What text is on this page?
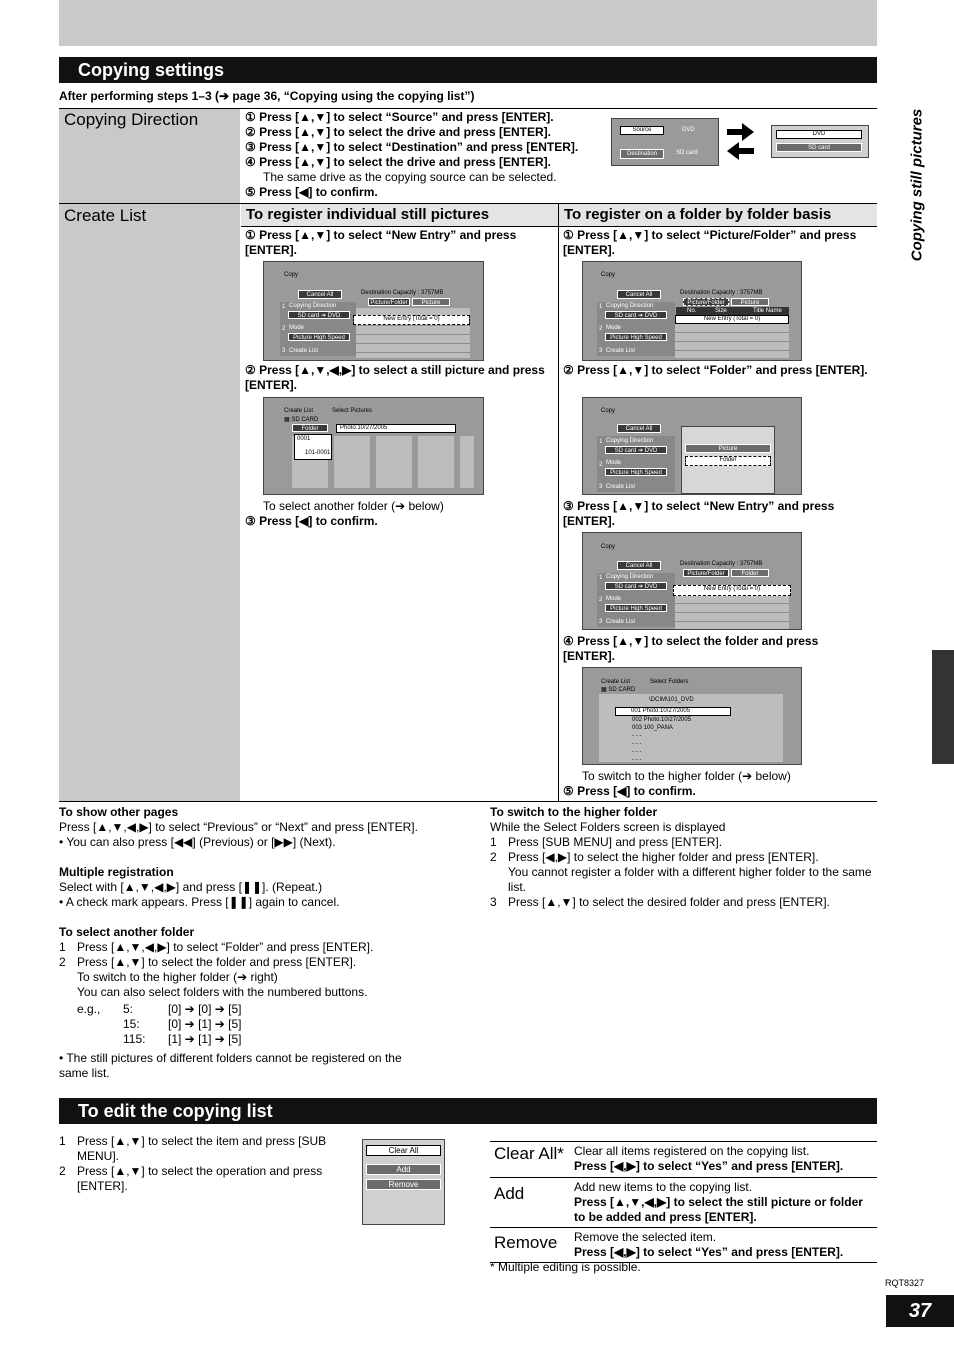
Copying still pictures
Copying settings
After performing steps 1–3 (➔ page 36, “Copying using the copying list”)
Copying Direction	① Press [▲,▼] to select “Source” and press [ENTER].
② Press [▲,▼] to select the drive and press [ENTER].
③ Press [▲,▼] to select “Destination” and press [ENTER].
④ Press [▲,▼] to select the drive and press [ENTER].
The same drive as the copying source can be selected.
⑤ Press [◀] to confirm.
Source	DVD
Destination	SD card
DVD
SD card
Create List	To register individual still pictures	To register on a folder by folder basis
① Press [▲,▼] to select “New Entry” and press [ENTER].
Copy
Cancel All	Destination Capacity : 3757MB
Picture/Folder	Picture
1 Copying Direction
SD card ➔ DVD
2 Mode
Picture High Speed
3 Create List
New Entry (Total = 0)
② Press [▲,▼,◀,▶] to select a still picture and press [ENTER].
Create List	Select Pictures
▦ SD CARD
Folder	Photo:10/27/2005
0001
101-0001
To select another folder (➔ below)
③ Press [◀] to confirm.
① Press [▲,▼] to select “Picture/Folder” and press [ENTER].
Copy
Cancel All	Destination Capacity : 3757MB
Picture/Folder	Picture
No.	Size	Title Name
1 Copying Direction
SD card ➔ DVD
2 Mode
Picture High Speed
3 Create List
New Entry (Total = 0)
② Press [▲,▼] to select “Folder” and press [ENTER].
Copy
Cancel All
1 Copying Direction
SD card ➔ DVD
2 Mode
Picture High Speed
3 Create List
Picture
Folder
③ Press [▲,▼] to select “New Entry” and press [ENTER].
Copy
Cancel All	Destination Capacity : 3757MB
Picture/Folder	Folder
1 Copying Direction
SD card ➔ DVD
2 Mode
Picture High Speed
3 Create List
New Entry (Total = 0)
④ Press [▲,▼] to select the folder and press [ENTER].
Create List	Select Folders
▦ SD CARD
\DCIM\101_DVD
001 Photo:10/27/2005
002 Photo:10/27/2005
003 100_PANA
- - -
- - -
- - -
- - -
To switch to the higher folder (➔ below)
⑤ Press [◀] to confirm.
To show other pages
Press [▲,▼,◀,▶] to select “Previous” or “Next” and press [ENTER].
• You can also press [◀◀] (Previous) or [▶▶] (Next).
Multiple registration
Select with [▲,▼,◀,▶] and press [❚❚]. (Repeat.)
• A check mark appears. Press [❚❚] again to cancel.
To select another folder
1 Press [▲,▼,◀,▶] to select “Folder” and press [ENTER].
2 Press [▲,▼] to select the folder and press [ENTER].
To switch to the higher folder (➔ right)
You can also select folders with the numbered buttons.
e.g.,	5:	[0] ➔ [0] ➔ [5]
15:	[0] ➔ [1] ➔ [5]
115:	[1] ➔ [1] ➔ [5]
• The still pictures of different folders cannot be registered on the same list.
To switch to the higher folder
While the Select Folders screen is displayed
1 Press [SUB MENU] and press [ENTER].
2 Press [◀,▶] to select the higher folder and press [ENTER].
You cannot register a folder with a different higher folder to the same list.
3 Press [▲,▼] to select the desired folder and press [ENTER].
To edit the copying list
1 Press [▲,▼] to select the item and press [SUB MENU].
2 Press [▲,▼] to select the operation and press [ENTER].
Clear All
Add
Remove
Clear All* Clear all items registered on the copying list.
Press [◀,▶] to select “Yes” and press [ENTER].
Add	Add new items to the copying list.
Press [▲,▼,◀,▶] to select the still picture or folder to be added and press [ENTER].
Remove	Remove the selected item.
Press [◀,▶] to select “Yes” and press [ENTER].
* Multiple editing is possible.
RQT8327
37
